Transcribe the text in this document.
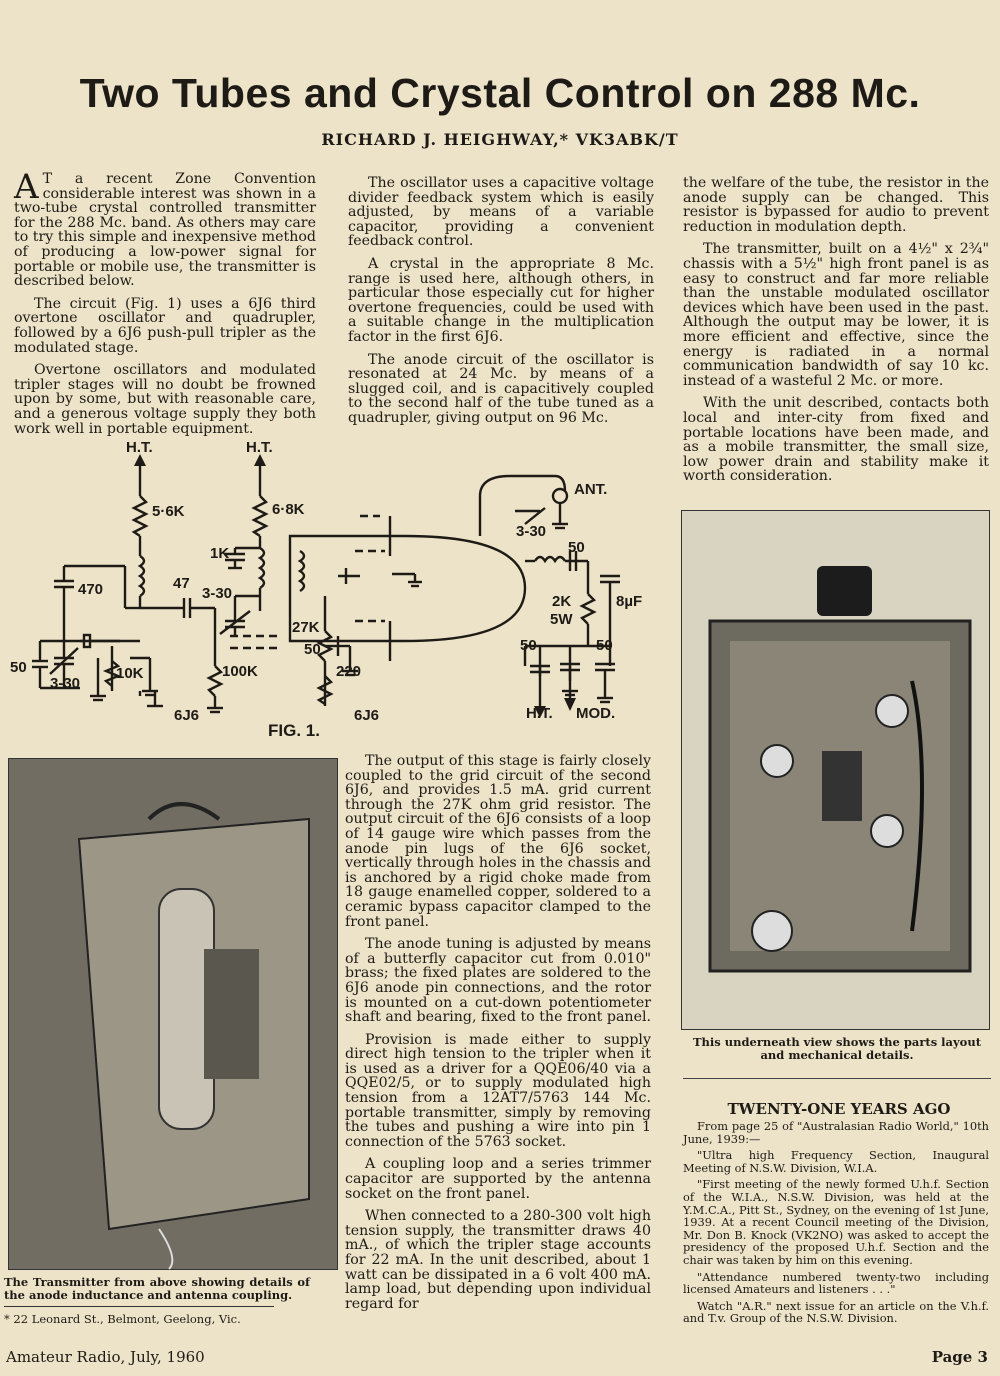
Two Tubes and Crystal Control on 288 Mc.
RICHARD J. HEIGHWAY,* VK3ABK/T

A T a recent Zone Convention considerable interest was shown in a two-tube crystal controlled transmitter for the 288 Mc. band. As others may care to try this simple and inexpensive method of producing a low-power signal for portable or mobile use, the transmitter is described below.

The circuit (Fig. 1) uses a 6J6 third overtone oscillator and quadrupler, followed by a 6J6 push-pull tripler as the modulated stage.

Overtone oscillators and modulated tripler stages will no doubt be frowned upon by some, but with reasonable care, and a generous voltage supply they both work well in portable equipment.

The oscillator uses a capacitive voltage divider feedback system which is easily adjusted, by means of a variable capacitor, providing a convenient feedback control.

A crystal in the appropriate 8 Mc. range is used here, although others, in particular those especially cut for higher overtone frequencies, could be used with a suitable change in the multiplication factor in the first 6J6.

The anode circuit of the oscillator is resonated at 24 Mc. by means of a slugged coil, and is capacitively coupled to the second half of the tube tuned as a quadrupler, giving output on 96 Mc.

the welfare of the tube, the resistor in the anode supply can be changed. This resistor is bypassed for audio to prevent reduction in modulation depth.

The transmitter, built on a 4½" x 2¾" chassis with a 5½" high front panel is as easy to construct and far more reliable than the unstable modulated oscillator devices which have been used in the past. Although the output may be lower, it is more efficient and effective, since the energy is radiated in a normal communication bandwidth of say 10 kc. instead of a wasteful 2 Mc. or more.

With the unit described, contacts both local and inter-city from fixed and portable locations have been made, and as a mobile transmitter, the small size, low power drain and stability make it worth consideration.

H.T.	H.T.
5·6K	6·8K
1K
470	47
3-30
50
3-30
10K	100K
27K
50
220
6J6	6J6
ANT.
3-30
50
2K
5W
8µF
50	50
H.T. MOD.
FIG. 1.
This underneath view shows the parts layout and mechanical details.
The Transmitter from above showing details of the anode inductance and antenna coupling.
* 22 Leonard St., Belmont, Geelong, Vic.

The output of this stage is fairly closely coupled to the grid circuit of the second 6J6, and provides 1.5 mA. grid current through the 27K ohm grid resistor. The output circuit of the 6J6 consists of a loop of 14 gauge wire which passes from the anode pin lugs of the 6J6 socket, vertically through holes in the chassis and is anchored by a rigid choke made from 18 gauge enamelled copper, soldered to a ceramic bypass capacitor clamped to the front panel.

The anode tuning is adjusted by means of a butterfly capacitor cut from 0.010" brass; the fixed plates are soldered to the 6J6 anode pin connections, and the rotor is mounted on a cut-down potentiometer shaft and bearing, fixed to the front panel.

Provision is made either to supply direct high tension to the tripler when it is used as a driver for a QQE06/40 via a QQE02/5, or to supply modulated high tension from a 12AT7/5763 144 Mc. portable transmitter, simply by removing the tubes and pushing a wire into pin 1 connection of the 5763 socket.

A coupling loop and a series trimmer capacitor are supported by the antenna socket on the front panel.

When connected to a 280-300 volt high tension supply, the transmitter draws 40 mA., of which the tripler stage accounts for 22 mA. In the unit described, about 1 watt can be dissipated in a 6 volt 400 mA. lamp load, but depending upon individual regard for

TWENTY-ONE YEARS AGO

From page 25 of "Australasian Radio World," 10th June, 1939:—

"Ultra high Frequency Section, Inaugural Meeting of N.S.W. Division, W.I.A.

"First meeting of the newly formed U.h.f. Section of the W.I.A., N.S.W. Division, was held at the Y.M.C.A., Pitt St., Sydney, on the evening of 1st June, 1939. At a recent Council meeting of the Division, Mr. Don B. Knock (VK2NO) was asked to accept the presidency of the proposed U.h.f. Section and the chair was taken by him on this evening.

"Attendance numbered twenty-two including licensed Amateurs and listeners . . ."

Watch "A.R." next issue for an article on the V.h.f. and T.v. Group of the N.S.W. Division.

Amateur Radio, July, 1960	Page 3
